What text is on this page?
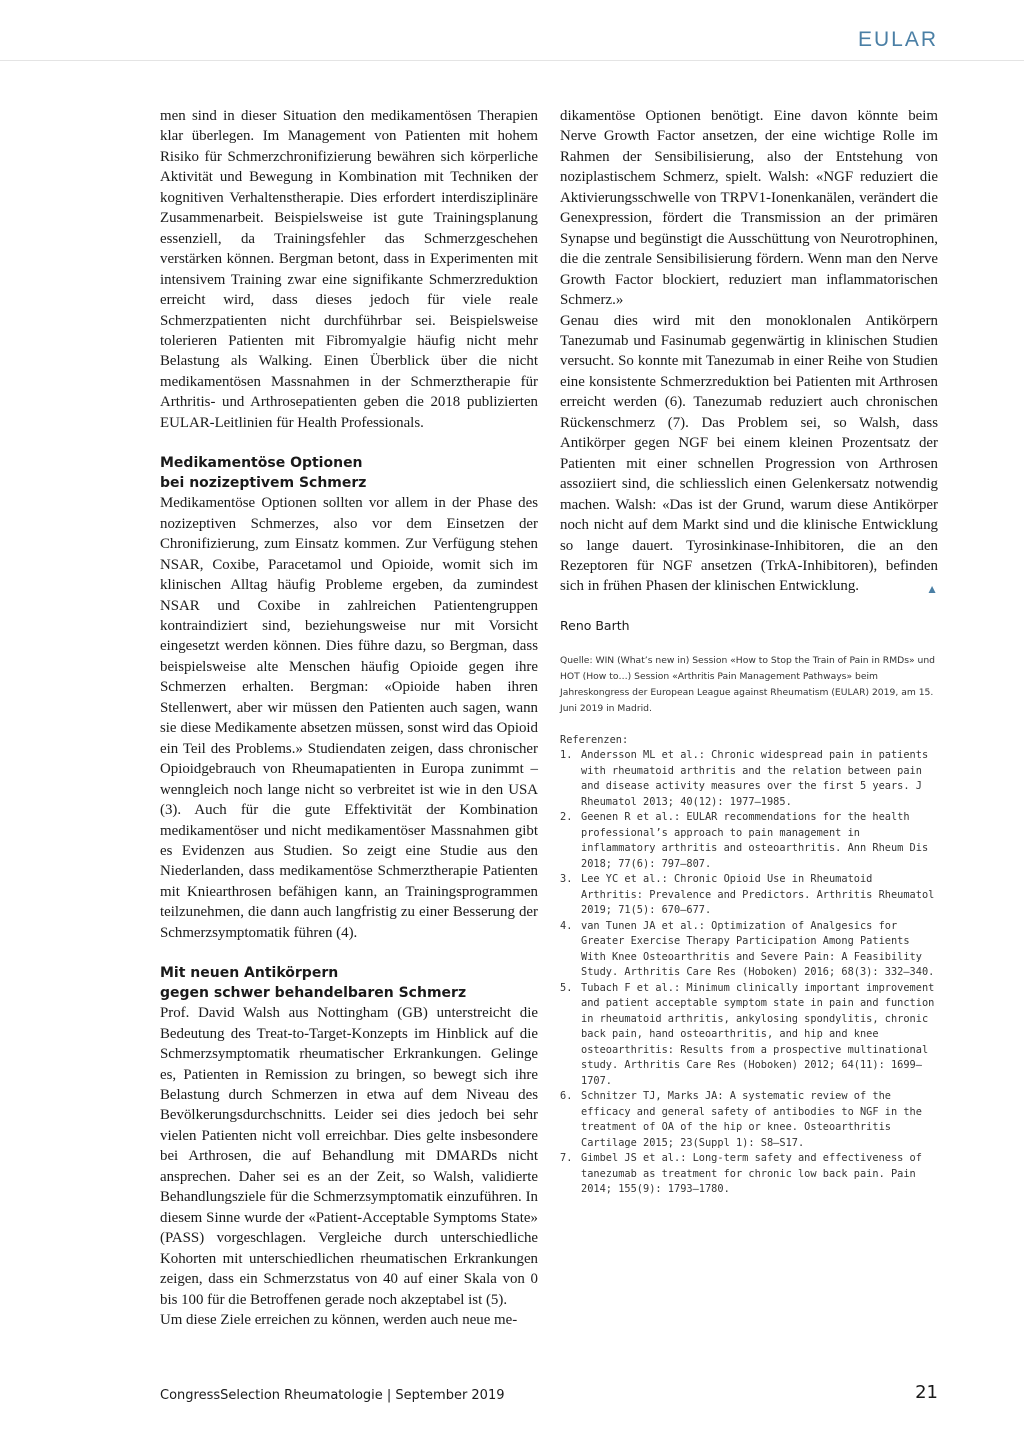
EULAR

men sind in dieser Situation den medikamentösen Therapien klar überlegen. Im Management von Patienten mit hohem Risiko für Schmerzchronifizierung bewähren sich körperliche Aktivität und Bewegung in Kombination mit Techniken der kognitiven Verhaltenstherapie. Dies erfordert interdisziplinäre Zusammenarbeit. Beispielsweise ist gute Trainingsplanung essenziell, da Trainingsfehler das Schmerzgeschehen verstärken können. Bergman betont, dass in Experimenten mit intensivem Training zwar eine signifikante Schmerzreduktion erreicht wird, dass dieses jedoch für viele reale Schmerzpatienten nicht durchführbar sei. Beispielsweise tolerieren Patienten mit Fibromyalgie häufig nicht mehr Belastung als Walking. Einen Überblick über die nicht medikamentösen Massnahmen in der Schmerztherapie für Arthritis- und Arthrosepatienten geben die 2018 publizierten EULAR-Leitlinien für Health Professionals.

Medikamentöse Optionen
bei nozizeptivem Schmerz

Medikamentöse Optionen sollten vor allem in der Phase des nozizeptiven Schmerzes, also vor dem Einsetzen der Chronifizierung, zum Einsatz kommen. Zur Verfügung stehen NSAR, Coxibe, Paracetamol und Opioide, womit sich im klinischen Alltag häufig Probleme ergeben, da zumindest NSAR und Coxibe in zahlreichen Patientengruppen kontraindiziert sind, beziehungsweise nur mit Vorsicht eingesetzt werden können. Dies führe dazu, so Bergman, dass beispielsweise alte Menschen häufig Opioide gegen ihre Schmerzen erhalten. Bergman: «Opioide haben ihren Stellenwert, aber wir müssen den Patienten auch sagen, wann sie diese Medikamente absetzen müssen, sonst wird das Opioid ein Teil des Problems.» Studiendaten zeigen, dass chronischer Opioidgebrauch von Rheumapatienten in Europa zunimmt – wenngleich noch lange nicht so verbreitet ist wie in den USA (3). Auch für die gute Effektivität der Kombination medikamentöser und nicht medikamentöser Massnahmen gibt es Evidenzen aus Studien. So zeigt eine Studie aus den Niederlanden, dass medikamentöse Schmerztherapie Patienten mit Kniearthrosen befähigen kann, an Trainingsprogrammen teilzunehmen, die dann auch langfristig zu einer Besserung der Schmerzsymptomatik führen (4).

Mit neuen Antikörpern
gegen schwer behandelbaren Schmerz

Prof. David Walsh aus Nottingham (GB) unterstreicht die Bedeutung des Treat-to-Target-Konzepts im Hinblick auf die Schmerzsymptomatik rheumatischer Erkrankungen. Gelinge es, Patienten in Remission zu bringen, so bewegt sich ihre Belastung durch Schmerzen in etwa auf dem Niveau des Bevölkerungsdurchschnitts. Leider sei dies jedoch bei sehr vielen Patienten nicht voll erreichbar. Dies gelte insbesondere bei Arthrosen, die auf Behandlung mit DMARDs nicht ansprechen. Daher sei es an der Zeit, so Walsh, validierte Behandlungsziele für die Schmerzsymptomatik einzuführen. In diesem Sinne wurde der «Patient-Acceptable Symptoms State» (PASS) vorgeschlagen. Vergleiche durch unterschiedliche Kohorten mit unterschiedlichen rheumatischen Erkrankungen zeigen, dass ein Schmerzstatus von 40 auf einer Skala von 0 bis 100 für die Betroffenen gerade noch akzeptabel ist (5).

Um diese Ziele erreichen zu können, werden auch neue me-

dikamentöse Optionen benötigt. Eine davon könnte beim Nerve Growth Factor ansetzen, der eine wichtige Rolle im Rahmen der Sensibilisierung, also der Entstehung von noziplastischem Schmerz, spielt. Walsh: «NGF reduziert die Aktivierungsschwelle von TRPV1-Ionenkanälen, verändert die Genexpression, fördert die Transmission an der primären Synapse und begünstigt die Ausschüttung von Neurotrophinen, die die zentrale Sensibilisierung fördern. Wenn man den Nerve Growth Factor blockiert, reduziert man inflammatorischen Schmerz.»

Genau dies wird mit den monoklonalen Antikörpern Tanezumab und Fasinumab gegenwärtig in klinischen Studien versucht. So konnte mit Tanezumab in einer Reihe von Studien eine konsistente Schmerzreduktion bei Patienten mit Arthrosen erreicht werden (6). Tanezumab reduziert auch chronischen Rückenschmerz (7). Das Problem sei, so Walsh, dass Antikörper gegen NGF bei einem kleinen Prozentsatz der Patienten mit einer schnellen Progression von Arthrosen assoziiert sind, die schliesslich einen Gelenkersatz notwendig machen. Walsh: «Das ist der Grund, warum diese Antikörper noch nicht auf dem Markt sind und die klinische Entwicklung so lange dauert. Tyrosinkinase-Inhibitoren, die an den Rezeptoren für NGF ansetzen (TrkA-Inhibitoren), befinden sich in frühen Phasen der klinischen Entwicklung.	▲

Reno Barth
Quelle: WIN (What’s new in) Session «How to Stop the Train of Pain in RMDs» und HOT (How to…) Session «Arthritis Pain Management Pathways» beim Jahreskongress der European League against Rheumatism (EULAR) 2019, am 15. Juni 2019 in Madrid.
Referenzen:
1. Andersson ML et al.: Chronic widespread pain in patients with rheumatoid arthritis and the relation between pain and disease activity measures over the first 5 years. J Rheumatol 2013; 40(12): 1977–1985.
2. Geenen R et al.: EULAR recommendations for the health professional’s approach to pain management in inflammatory arthritis and osteoarthritis. Ann Rheum Dis 2018; 77(6): 797–807.
3. Lee YC et al.: Chronic Opioid Use in Rheumatoid Arthritis: Prevalence and Predictors. Arthritis Rheumatol 2019; 71(5): 670–677.
4. van Tunen JA et al.: Optimization of Analgesics for Greater Exercise Therapy Participation Among Patients With Knee Osteoarthritis and Severe Pain: A Feasibility Study. Arthritis Care Res (Hoboken) 2016; 68(3): 332–340.
5. Tubach F et al.: Minimum clinically important improvement and patient acceptable symptom state in pain and function in rheumatoid arthritis, ankylosing spondylitis, chronic back pain, hand osteoarthritis, and hip and knee osteoarthritis: Results from a prospective multinational study. Arthritis Care Res (Hoboken) 2012; 64(11): 1699–1707.
6. Schnitzer TJ, Marks JA: A systematic review of the efficacy and general safety of antibodies to NGF in the treatment of OA of the hip or knee. Osteoarthritis Cartilage 2015; 23(Suppl 1): S8–S17.
7. Gimbel JS et al.: Long-term safety and effectiveness of tanezumab as treatment for chronic low back pain. Pain 2014; 155(9): 1793–1780.
CongressSelection Rheumatologie | September 2019	21
